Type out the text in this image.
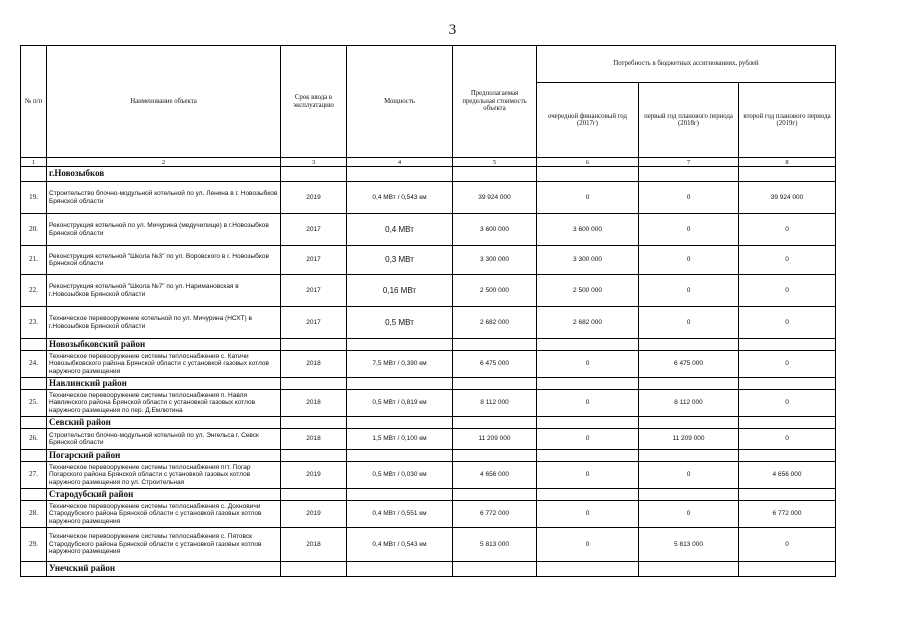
3
№ п/п	Наименование объекта	Срок ввода в эксплуатацию	Мощность	Предполагаемая предельная стоимость объекта	Потребность в бюджетных ассигнованиях, рублей		
					очередной финансовый год (2017г)	первый год планового периода (2018г)	второй год планового периода (2019г)
1	2	3	4	5	6	7	8
	г.Новозыбков						
19.	Строительство блочно-модульной котельной по ул. Ленина в г. Новозыбков Брянской области	2019	0,4 МВт / 0,543 км	39 924 000	0	0	39 924 000
20.	Реконструкция котельной по ул. Мичурина (медучилище) в г.Новозыбков Брянской области	2017	0,4 МВт	3 600 000	3 600 000	0	0
21.	Реконструкция котельной "Школа №3" по ул. Воровского в г. Новозыбков Брянской области	2017	0,3 МВт	3 300 000	3 300 000	0	0
22.	Реконструкция котельной "Школа №7" по ул. Наримановская в г.Новозыбков Брянской области	2017	0,16 МВт	2 500 000	2 500 000	0	0
23.	Техническое перевооружение котельной по ул. Мичурина (НСХТ) в г.Новозыбков Брянской области	2017	0,5 МВт	2 682 000	2 682 000	0	0
	Новозыбковский район						
24.	Техническое перевооружение системы теплоснабжения с. Катичи Новозыбковского района Брянской области с установкой газовых котлов наружного размещения	2018	7,5 МВт / 0,390 км	6 475 000	0	6 475 000	0
	Навлинский район						
25.	Техническое перевооружение системы теплоснабжения п. Навля Навлинского района Брянской области с установкой газовых котлов наружного размещения по пер. Д.Емлютина	2018	0,5 МВт / 0,819 км	8 112 000	0	8 112 000	0
	Севский район						
26.	Строительство блочно-модульной котельной по ул. Энгельса г. Севск Брянской области	2018	1,5 МВт / 0,100 км	11 209 000	0	11 209 000	0
	Погарский район						
27.	Техническое перевооружение системы теплоснабжения пгт. Погар Погарского района Брянской области с установкой газовых котлов наружного размещения по ул. Строительная	2019	0,5 МВт / 0,030 км	4 656 000	0	0	4 656 000
	Стародубский район						
28.	Техническое перевооружение системы теплоснабжения с. Дохновичи Стародубского района Брянской области с установкой газовых котлов наружного размещения	2019	0,4 МВт / 0,551 км	6 772 000	0	0	6 772 000
29.	Техническое перевооружение системы теплоснабжения с. Пятовск Стародубского района Брянской области с установкой газовых котлов наружного размещения	2018	0,4 МВт / 0,543 км	5 813 000	0	5 813 000	0
	Унечский район						
